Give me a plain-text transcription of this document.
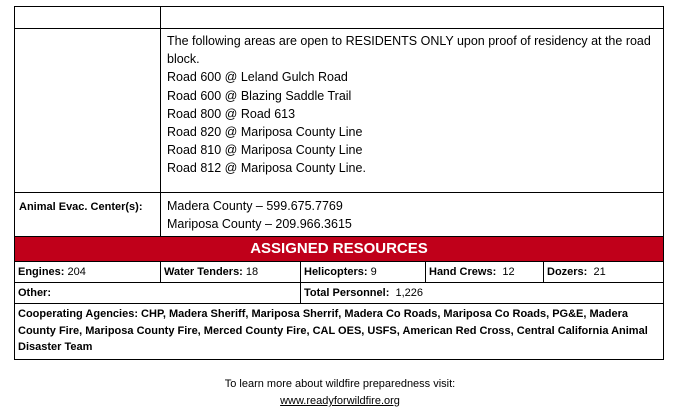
The following areas are open to RESIDENTS ONLY upon proof of residency at the road block.
Road 600 @ Leland Gulch Road
Road 600 @ Blazing Saddle Trail
Road 800 @ Road 613
Road 820 @ Mariposa County Line
Road 810 @ Mariposa County Line
Road 812 @ Mariposa County Line.
Animal Evac. Center(s):	Madera County – 599.675.7769
Mariposa County – 209.966.3615
ASSIGNED RESOURCES
Engines: 204	Water Tenders: 18	Helicopters: 9	Hand Crews: 12	Dozers: 21
Other:	Total Personnel: 1,226
Cooperating Agencies: CHP, Madera Sheriff, Mariposa Sherrif, Madera Co Roads, Mariposa Co Roads, PG&E, Madera County Fire, Mariposa County Fire, Merced County Fire, CAL OES, USFS, American Red Cross, Central California Animal Disaster Team
To learn more about wildfire preparedness visit:
www.readyforwildfire.org
